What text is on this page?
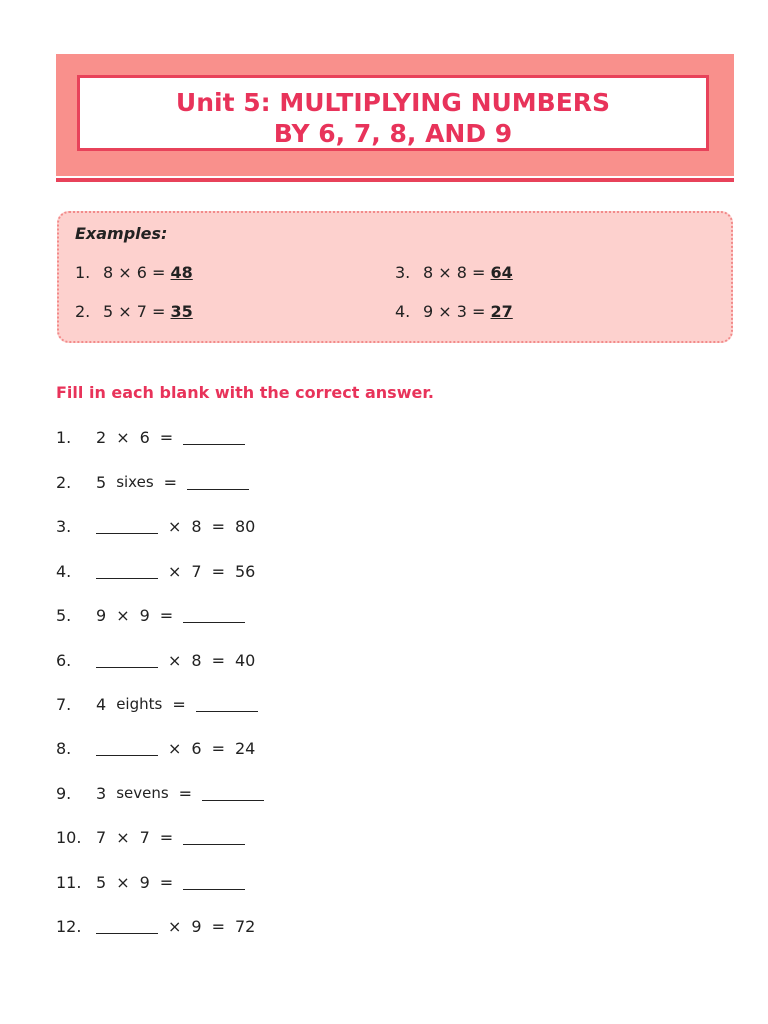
Unit 5: MULTIPLYING NUMBERS
BY 6, 7, 8, AND 9
Examples:
1. 8 × 6 = 48
2. 5 × 7 = 35
3. 8 × 8 = 64
4. 9 × 3 = 27
Fill in each blank with the correct answer.
1.	2 × 6 =
2.	5 sixes =
3.	× 8 = 80
4.	× 7 = 56
5.	9 × 9 =
6.	× 8 = 40
7.	4 eights =
8.	× 6 = 24
9.	3 sevens =
10. 7 × 7 =
11. 5 × 9 =
12.	× 9 = 72
